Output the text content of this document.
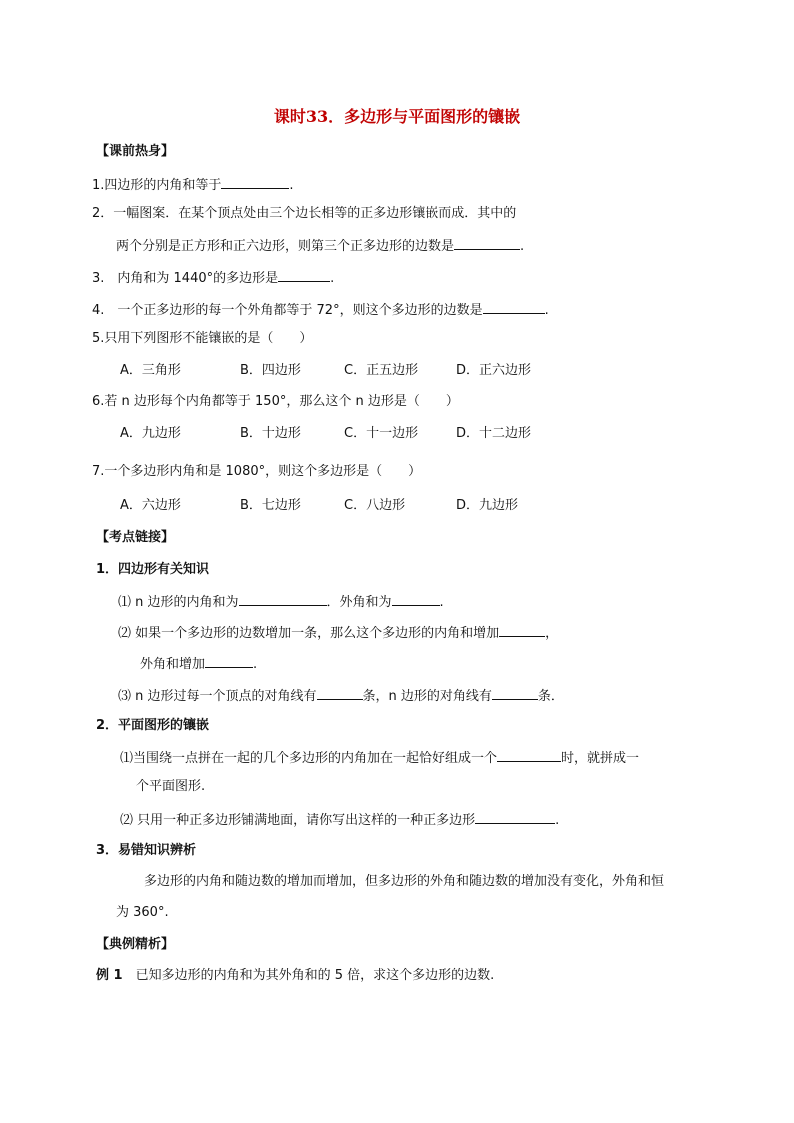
课时33．多边形与平面图形的镶嵌
【课前热身】
1.四边形的内角和等于	.
2．一幅图案．在某个顶点处由三个边长相等的正多边形镶嵌而成．其中的
两个分别是正方形和正六边形，则第三个正多边形的边数是	.
3.　内角和为 1440°的多边形是	.
4.　一个正多边形的每一个外角都等于 72°，则这个多边形的边数是	.
5.只用下列图形不能镶嵌的是（　　）
A．三角形	B．四边形	C．正五边形	D．正六边形
6.若 n 边形每个内角都等于 150°，那么这个 n 边形是（　　）
A．九边形	B．十边形	C．十一边形	D．十二边形
7.一个多边形内角和是 1080°，则这个多边形是（　　）
A．六边形	B．七边形	C．八边形	D．九边形
【考点链接】
1．四边形有关知识
⑴ n 边形的内角和为	．外角和为	.
⑵ 如果一个多边形的边数增加一条，那么这个多边形的内角和增加	，
外角和增加	.
⑶ n 边形过每一个顶点的对角线有	条，n 边形的对角线有	条．
2．平面图形的镶嵌
⑴当围绕一点拼在一起的几个多边形的内角加在一起恰好组成一个	时，就拼成一
个平面图形.
⑵ 只用一种正多边形铺满地面，请你写出这样的一种正多边形	.
3．易错知识辨析
多边形的内角和随边数的增加而增加，但多边形的外角和随边数的增加没有变化，外角和恒
为 360°.
【典例精析】
例 1  已知多边形的内角和为其外角和的 5 倍，求这个多边形的边数.
